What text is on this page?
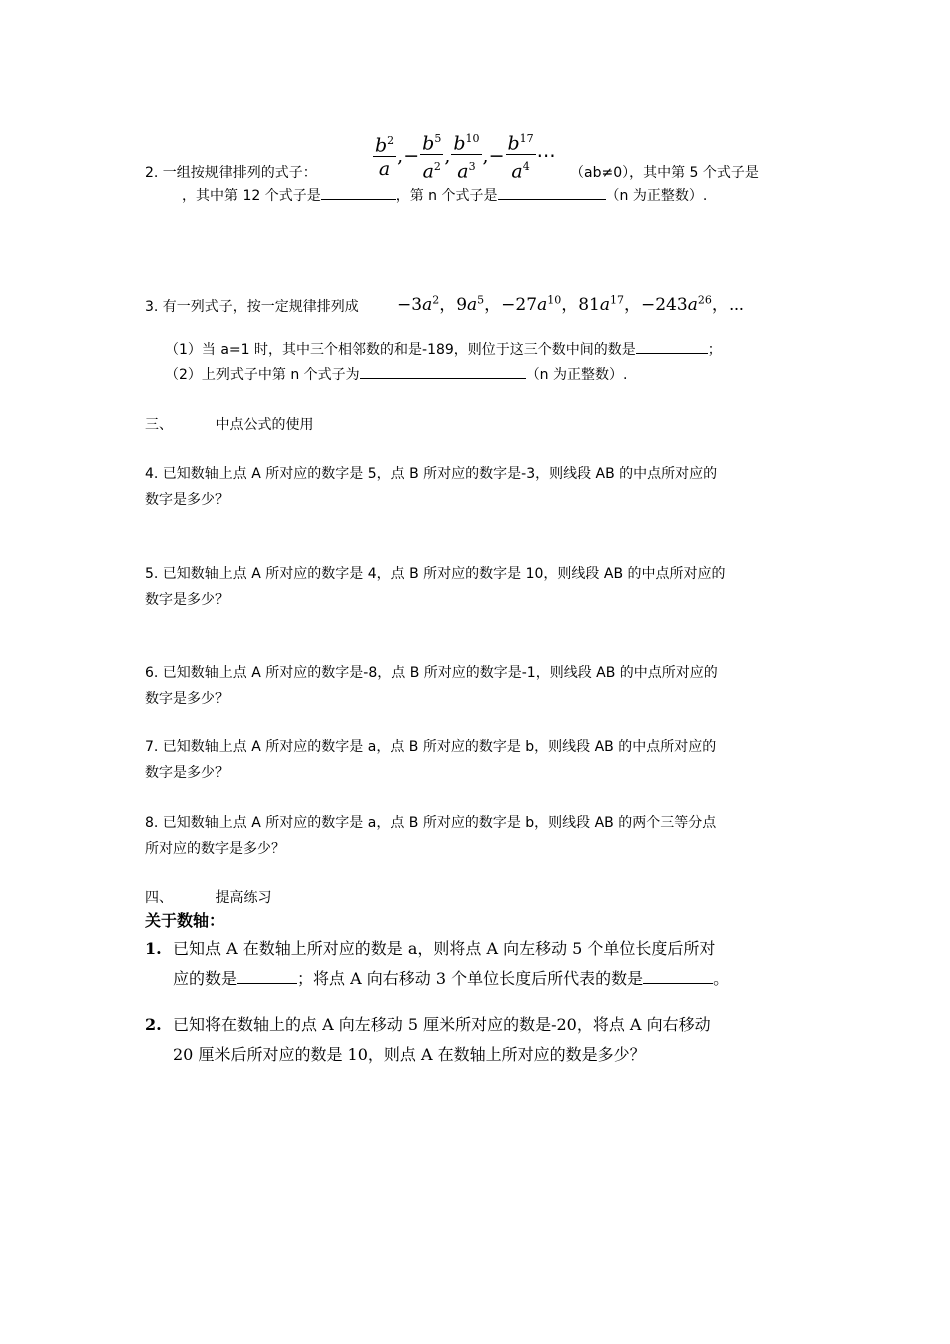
2. 一组按规律排列的式子：	$\frac{b^2}{a}$ ,− $\frac{b^5}{a^2}$ , $\frac{b^{10}}{a^3}$ ,− $\frac{b^{17}}{a^4}$ ⋯
（ab≠0），其中第 5 个式子是
，其中第 12 个式子是	，第 n 个式子是	（n 为正整数）.
3. 有一列式子，按一定规律排列成 $-3a^2$，$9a^5$，$-27a^{10}$，$81a^{17}$，$-243a^{26}$，⋯
（1）当 a=1 时，其中三个相邻数的和是-189，则位于这三个数中间的数是	；
（2）上列式子中第 n 个式子为	（n 为正整数）.
三、	中点公式的使用
4. 已知数轴上点 A 所对应的数字是 5，点 B 所对应的数字是-3，则线段 AB 的中点所对应的
数字是多少？
5. 已知数轴上点 A 所对应的数字是 4，点 B 所对应的数字是 10，则线段 AB 的中点所对应的
数字是多少？
6. 已知数轴上点 A 所对应的数字是-8，点 B 所对应的数字是-1，则线段 AB 的中点所对应的
数字是多少？
7. 已知数轴上点 A 所对应的数字是 a，点 B 所对应的数字是 b，则线段 AB 的中点所对应的
数字是多少？
8. 已知数轴上点 A 所对应的数字是 a，点 B 所对应的数字是 b，则线段 AB 的两个三等分点
所对应的数字是多少？
四、	提高练习
关于数轴：
1. 已知点 A 在数轴上所对应的数是 a，则将点 A 向左移动 5 个单位长度后所对
应的数是	；将点 A 向右移动 3 个单位长度后所代表的数是	。
2. 已知将在数轴上的点 A 向左移动 5 厘米所对应的数是-20，将点 A 向右移动
20 厘米后所对应的数是 10，则点 A 在数轴上所对应的数是多少？
